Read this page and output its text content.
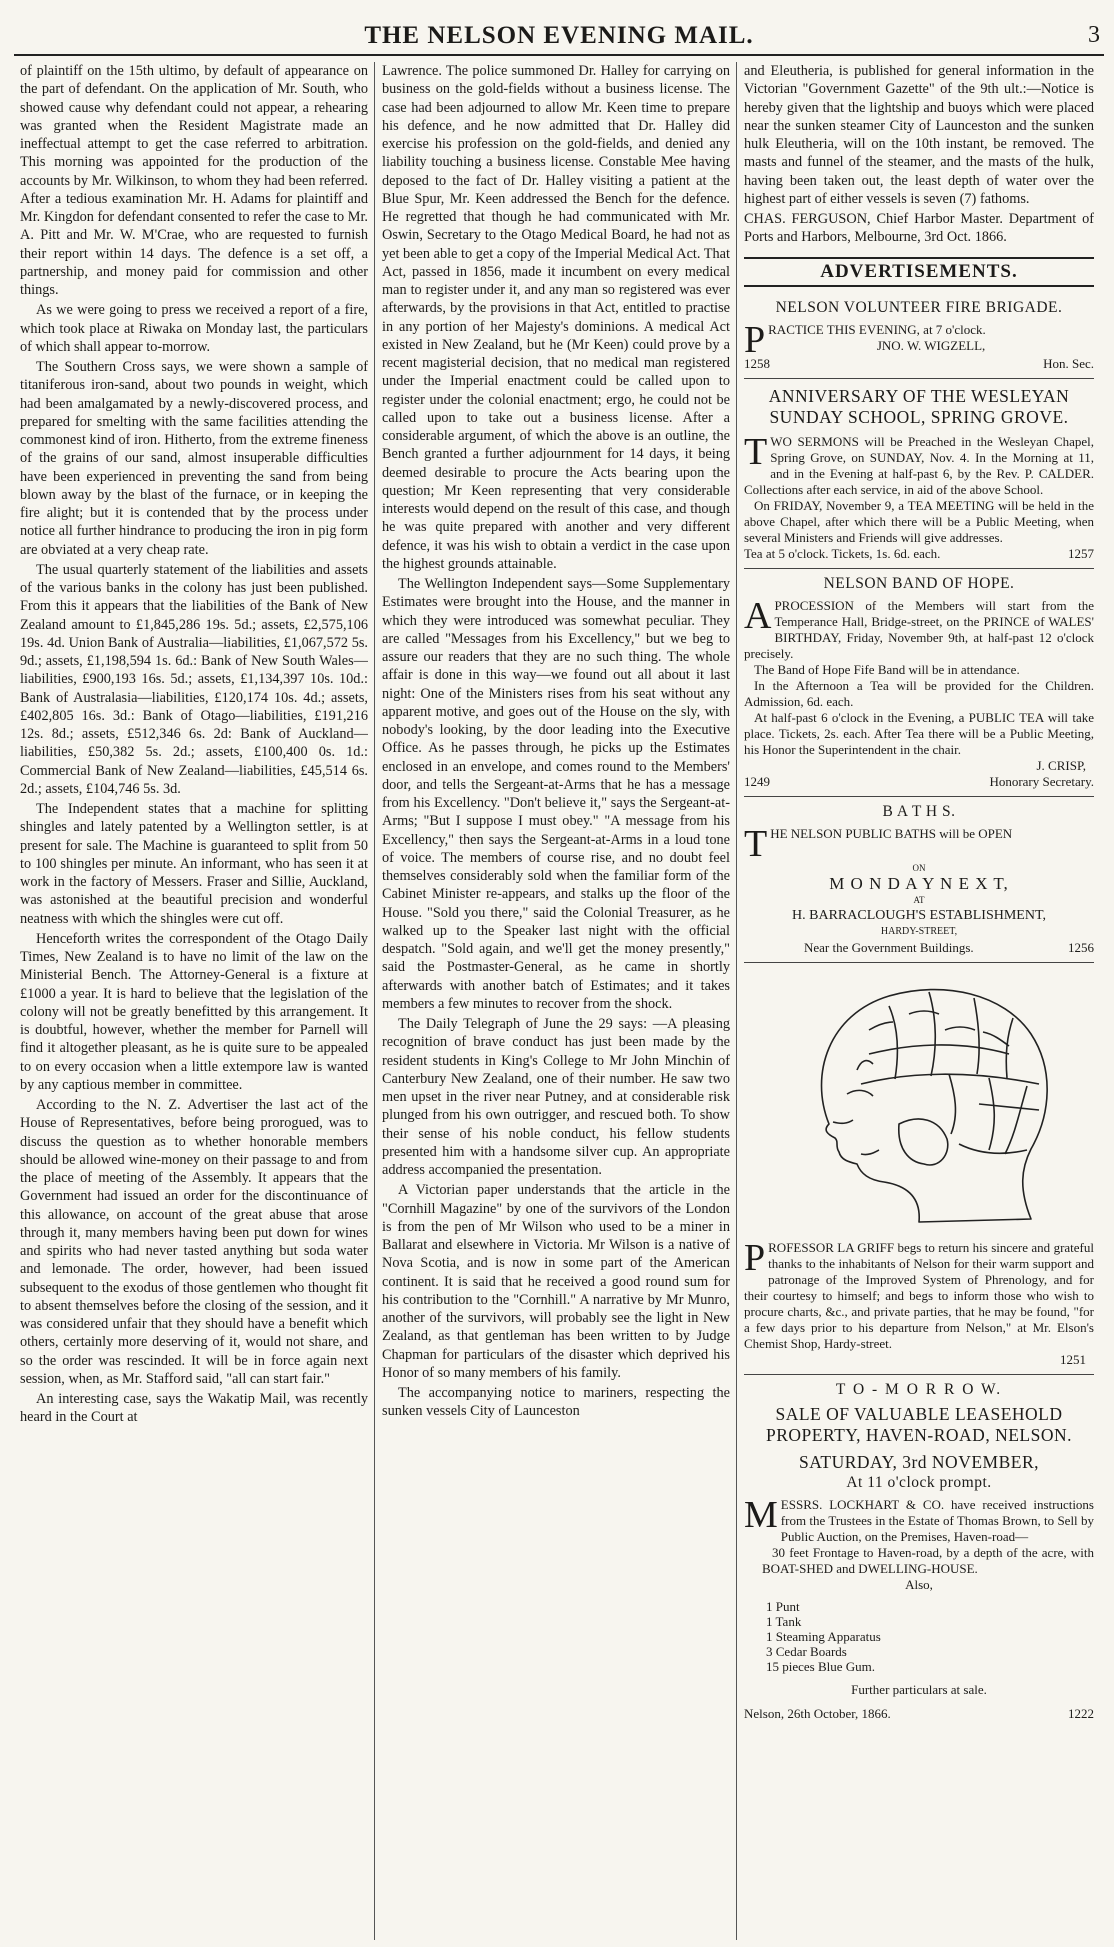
THE NELSON EVENING MAIL.	3

of plaintiff on the 15th ultimo, by default of appearance on the part of defendant. On the application of Mr. South, who showed cause why defendant could not appear, a rehearing was granted when the Resident Magistrate made an ineffectual attempt to get the case referred to arbitration. This morning was appointed for the production of the accounts by Mr. Wilkinson, to whom they had been referred. After a tedious examination Mr. H. Adams for plaintiff and Mr. Kingdon for defendant consented to refer the case to Mr. A. Pitt and Mr. W. M'Crae, who are requested to furnish their report within 14 days. The defence is a set off, a partnership, and money paid for commission and other things.

As we were going to press we received a report of a fire, which took place at Riwaka on Monday last, the particulars of which shall appear to-morrow.

The Southern Cross says, we were shown a sample of titaniferous iron-sand, about two pounds in weight, which had been amalgamated by a newly-discovered process, and prepared for smelting with the same facilities attending the commonest kind of iron. Hitherto, from the extreme fineness of the grains of our sand, almost insuperable difficulties have been experienced in preventing the sand from being blown away by the blast of the furnace, or in keeping the fire alight; but it is contended that by the process under notice all further hindrance to producing the iron in pig form are obviated at a very cheap rate.

The usual quarterly statement of the liabilities and assets of the various banks in the colony has just been published. From this it appears that the liabilities of the Bank of New Zealand amount to £1,845,286 19s. 5d.; assets, £2,575,106 19s. 4d. Union Bank of Australia—liabilities, £1,067,572 5s. 9d.; assets, £1,198,594 1s. 6d.: Bank of New South Wales—liabilities, £900,193 16s. 5d.; assets, £1,134,397 10s. 10d.: Bank of Australasia—liabilities, £120,174 10s. 4d.; assets, £402,805 16s. 3d.: Bank of Otago—liabilities, £191,216 12s. 8d.; assets, £512,346 6s. 2d: Bank of Auckland—liabilities, £50,382 5s. 2d.; assets, £100,400 0s. 1d.: Commercial Bank of New Zealand—liabilities, £45,514 6s. 2d.; assets, £104,746 5s. 3d.

The Independent states that a machine for splitting shingles and lately patented by a Wellington settler, is at present for sale. The Machine is guaranteed to split from 50 to 100 shingles per minute. An informant, who has seen it at work in the factory of Messers. Fraser and Sillie, Auckland, was astonished at the beautiful precision and wonderful neatness with which the shingles were cut off.

Henceforth writes the correspondent of the Otago Daily Times, New Zealand is to have no limit of the law on the Ministerial Bench. The Attorney-General is a fixture at £1000 a year. It is hard to believe that the legislation of the colony will not be greatly benefitted by this arrangement. It is doubtful, however, whether the member for Parnell will find it altogether pleasant, as he is quite sure to be appealed to on every occasion when a little extempore law is wanted by any captious member in committee.

According to the N. Z. Advertiser the last act of the House of Representatives, before being prorogued, was to discuss the question as to whether honorable members should be allowed wine-money on their passage to and from the place of meeting of the Assembly. It appears that the Government had issued an order for the discontinuance of this allowance, on account of the great abuse that arose through it, many members having been put down for wines and spirits who had never tasted anything but soda water and lemonade. The order, however, had been issued subsequent to the exodus of those gentlemen who thought fit to absent themselves before the closing of the session, and it was considered unfair that they should have a benefit which others, certainly more deserving of it, would not share, and so the order was rescinded. It will be in force again next session, when, as Mr. Stafford said, "all can start fair."

An interesting case, says the Wakatip Mail, was recently heard in the Court at

Lawrence. The police summoned Dr. Halley for carrying on business on the gold-fields without a business license. The case had been adjourned to allow Mr. Keen time to prepare his defence, and he now admitted that Dr. Halley did exercise his profession on the gold-fields, and denied any liability touching a business license. Constable Mee having deposed to the fact of Dr. Halley visiting a patient at the Blue Spur, Mr. Keen addressed the Bench for the defence. He regretted that though he had communicated with Mr. Oswin, Secretary to the Otago Medical Board, he had not as yet been able to get a copy of the Imperial Medical Act. That Act, passed in 1856, made it incumbent on every medical man to register under it, and any man so registered was ever afterwards, by the provisions in that Act, entitled to practise in any portion of her Majesty's dominions. A medical Act existed in New Zealand, but he (Mr Keen) could prove by a recent magisterial decision, that no medical man registered under the Imperial enactment could be called upon to register under the colonial enactment; ergo, he could not be called upon to take out a business license. After a considerable argument, of which the above is an outline, the Bench granted a further adjournment for 14 days, it being deemed desirable to procure the Acts bearing upon the question; Mr Keen representing that very considerable interests would depend on the result of this case, and though he was quite prepared with another and very different defence, it was his wish to obtain a verdict in the case upon the highest grounds attainable.

The Wellington Independent says—Some Supplementary Estimates were brought into the House, and the manner in which they were introduced was somewhat peculiar. They are called "Messages from his Excellency," but we beg to assure our readers that they are no such thing. The whole affair is done in this way—we found out all about it last night: One of the Ministers rises from his seat without any apparent motive, and goes out of the House on the sly, with nobody's looking, by the door leading into the Executive Office. As he passes through, he picks up the Estimates enclosed in an envelope, and comes round to the Members' door, and tells the Sergeant-at-Arms that he has a message from his Excellency. "Don't believe it," says the Sergeant-at-Arms; "But I suppose I must obey." "A message from his Excellency," then says the Sergeant-at-Arms in a loud tone of voice. The members of course rise, and no doubt feel themselves considerably sold when the familiar form of the Cabinet Minister re-appears, and stalks up the floor of the House. "Sold you there," said the Colonial Treasurer, as he walked up to the Speaker last night with the official despatch. "Sold again, and we'll get the money presently," said the Postmaster-General, as he came in shortly afterwards with another batch of Estimates; and it takes members a few minutes to recover from the shock.

The Daily Telegraph of June the 29 says: —A pleasing recognition of brave conduct has just been made by the resident students in King's College to Mr John Minchin of Canterbury New Zealand, one of their number. He saw two men upset in the river near Putney, and at considerable risk plunged from his own outrigger, and rescued both. To show their sense of his noble conduct, his fellow students presented him with a handsome silver cup. An appropriate address accompanied the presentation.

A Victorian paper understands that the article in the "Cornhill Magazine" by one of the survivors of the London is from the pen of Mr Wilson who used to be a miner in Ballarat and elsewhere in Victoria. Mr Wilson is a native of Nova Scotia, and is now in some part of the American continent. It is said that he received a good round sum for his contribution to the "Cornhill." A narrative by Mr Munro, another of the survivors, will probably see the light in New Zealand, as that gentleman has been written to by Judge Chapman for particulars of the disaster which deprived his Honor of so many members of his family.

The accompanying notice to mariners, respecting the sunken vessels City of Launceston

and Eleutheria, is published for general information in the Victorian "Government Gazette" of the 9th ult.:—Notice is hereby given that the lightship and buoys which were placed near the sunken steamer City of Launceston and the sunken hulk Eleutheria, will on the 10th instant, be removed. The masts and funnel of the steamer, and the masts of the hulk, having been taken out, the least depth of water over the highest part of either vessels is seven (7) fathoms.

CHAS. FERGUSON, Chief Harbor Master. Department of Ports and Harbors, Melbourne, 3rd Oct. 1866.

ADVERTISEMENTS.
NELSON VOLUNTEER FIRE BRIGADE.
P RACTICE THIS EVENING, at 7 o'clock.
JNO. W. WIGZELL,
1258	Hon. Sec.
ANNIVERSARY OF THE WESLEYAN SUNDAY SCHOOL, SPRING GROVE.

TWO SERMONS will be Preached in the Wesleyan Chapel, Spring Grove, on SUNDAY, Nov. 4. In the Morning at 11, and in the Evening at half-past 6, by the Rev. P. CALDER. Collections after each service, in aid of the above School.

On FRIDAY, November 9, a TEA MEETING will be held in the above Chapel, after which there will be a Public Meeting, when several Ministers and Friends will give addresses.

Tea at 5 o'clock. Tickets, 1s. 6d. each.	1257
NELSON BAND OF HOPE.

APROCESSION of the Members will start from the Temperance Hall, Bridge-street, on the PRINCE of WALES' BIRTHDAY, Friday, November 9th, at half-past 12 o'clock precisely.

The Band of Hope Fife Band will be in attendance.

In the Afternoon a Tea will be provided for the Children. Admission, 6d. each.

At half-past 6 o'clock in the Evening, a PUBLIC TEA will take place. Tickets, 2s. each. After Tea there will be a Public Meeting, his Honor the Superintendent in the chair.

J. CRISP,
1249	Honorary Secretary.
B A T H S.
T HE NELSON PUBLIC BATHS will be OPEN
ON
M O N D A Y N E X T,
AT
H. BARRACLOUGH'S ESTABLISHMENT,
HARDY-STREET,
Near the Government Buildings.	1256

PROFESSOR LA GRIFF begs to return his sincere and grateful thanks to the inhabitants of Nelson for their warm support and patronage of the Improved System of Phrenology, and for their courtesy to himself; and begs to inform those who wish to procure charts, &c., and private parties, that he may be found, "for a few days prior to his departure from Nelson," at Mr. Elson's Chemist Shop, Hardy-street.

1251
T O - M O R R O W.
SALE OF VALUABLE LEASEHOLD PROPERTY, HAVEN-ROAD, NELSON.
SATURDAY, 3rd NOVEMBER,
At 11 o'clock prompt.

MESSRS. LOCKHART & CO. have received instructions from the Trustees in the Estate of Thomas Brown, to Sell by Public Auction, on the Premises, Haven-road—

30 feet Frontage to Haven-road, by a depth of the acre, with BOAT-SHED and DWELLING-HOUSE.

Also,
1 Punt
1 Tank
1 Steaming Apparatus
3 Cedar Boards
15 pieces Blue Gum.
Further particulars at sale.
Nelson, 26th October, 1866.	1222
